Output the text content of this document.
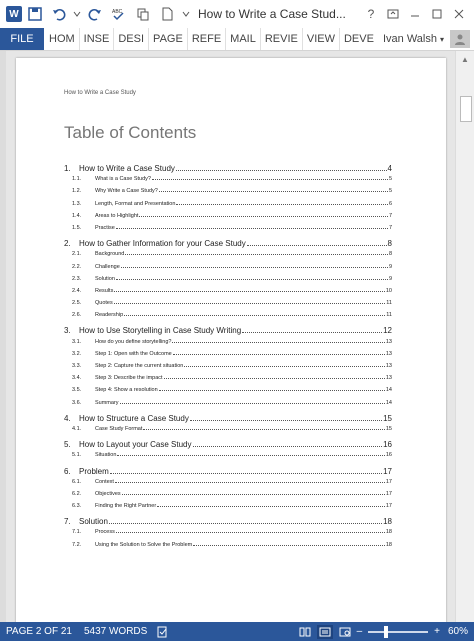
W	ABC	How to Write a Case Stud...	?
FILE	HOM INSE DESI PAGE REFE MAIL REVIE VIEW DEVE Ivan Walsh ▾
How to Write a Case Study
Table of Contents
1.	How to Write a Case Study	4
1.1.	What is a Case Study?	5
1.2.	Why Write a Case Study?	5
1.3.	Length, Format and Presentation	6
1.4.	Areas to Highlight	7
1.5.	Practise	7
2.	How to Gather Information for your Case Study	8
2.1.	Background	8
2.2.	Challenge	9
2.3.	Solution	9
2.4.	Results	10
2.5.	Quotes	11
2.6.	Readership	11
3.	How to Use Storytelling in Case Study Writing	12
3.1.	How do you define storytelling?	13
3.2.	Step 1: Open with the Outcome	13
3.3.	Step 2: Capture the current situation	13
3.4.	Step 3: Describe the impact	13
3.5.	Step 4: Show a resolution	14
3.6.	Summary	14
4.	How to Structure a Case Study	15
4.1.	Case Study Format	15
5.	How to Layout your Case Study	16
5.1.	Situation	16
6.	Problem	17
6.1.	Context	17
6.2.	Objectives	17
6.3.	Finding the Right Partner	17
7.	Solution	18
7.1.	Process	18
7.2.	Using the Solution to Solve the Problem	18
▲
PAGE 2 OF 21	5437 WORDS	–	+ 60%
